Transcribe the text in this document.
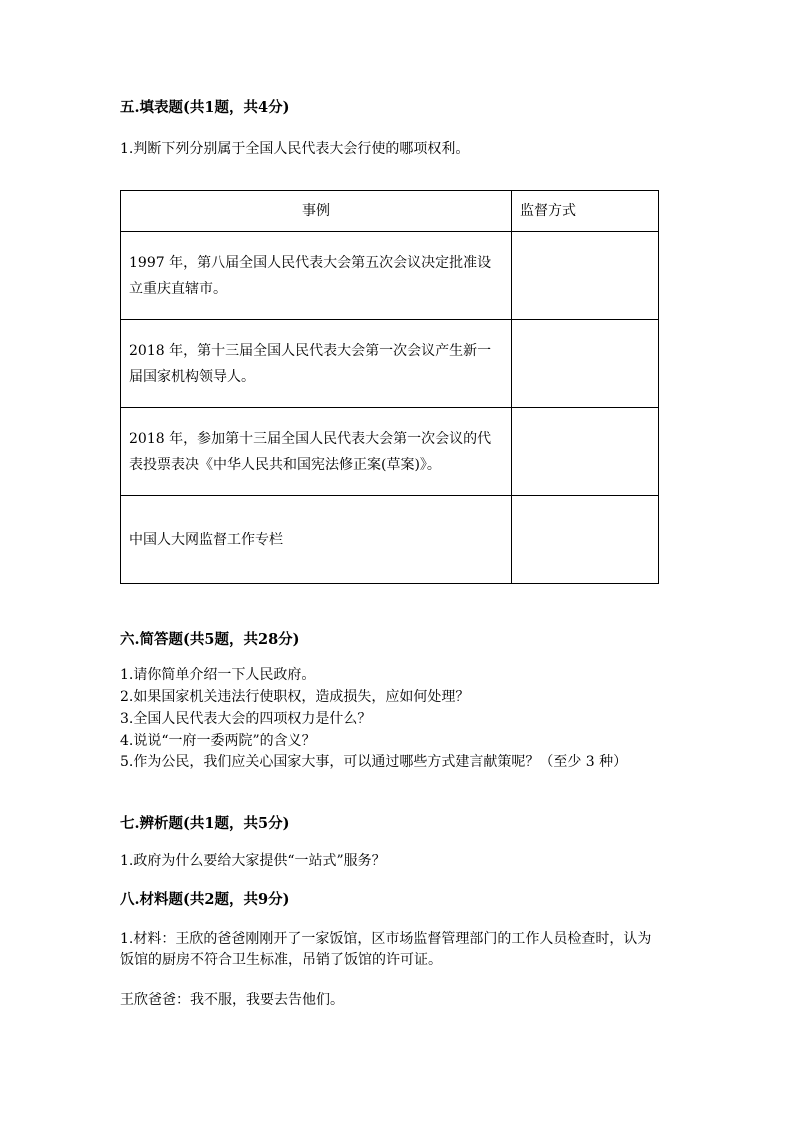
五.填表题(共1题，共4分)
1.判断下列分别属于全国人民代表大会行使的哪项权利。
事例	监督方式
1997 年，第八届全国人民代表大会第五次会议决定批准设立重庆直辖市。	
2018 年，第十三届全国人民代表大会第一次会议产生新一届国家机构领导人。	
2018 年，参加第十三届全国人民代表大会第一次会议的代表投票表决《中华人民共和国宪法修正案(草案)》。	
中国人大网监督工作专栏	
六.简答题(共5题，共28分)
1.请你简单介绍一下人民政府。
2.如果国家机关违法行使职权，造成损失，应如何处理？
3.全国人民代表大会的四项权力是什么？
4.说说“一府一委两院”的含义？
5.作为公民，我们应关心国家大事，可以通过哪些方式建言献策呢？（至少 3 种）
七.辨析题(共1题，共5分)
1.政府为什么要给大家提供“一站式”服务？
八.材料题(共2题，共9分)
1.材料：王欣的爸爸刚刚开了一家饭馆，区市场监督管理部门的工作人员检查时，认为饭馆的厨房不符合卫生标准，吊销了饭馆的许可证。
王欣爸爸：我不服，我要去告他们。
